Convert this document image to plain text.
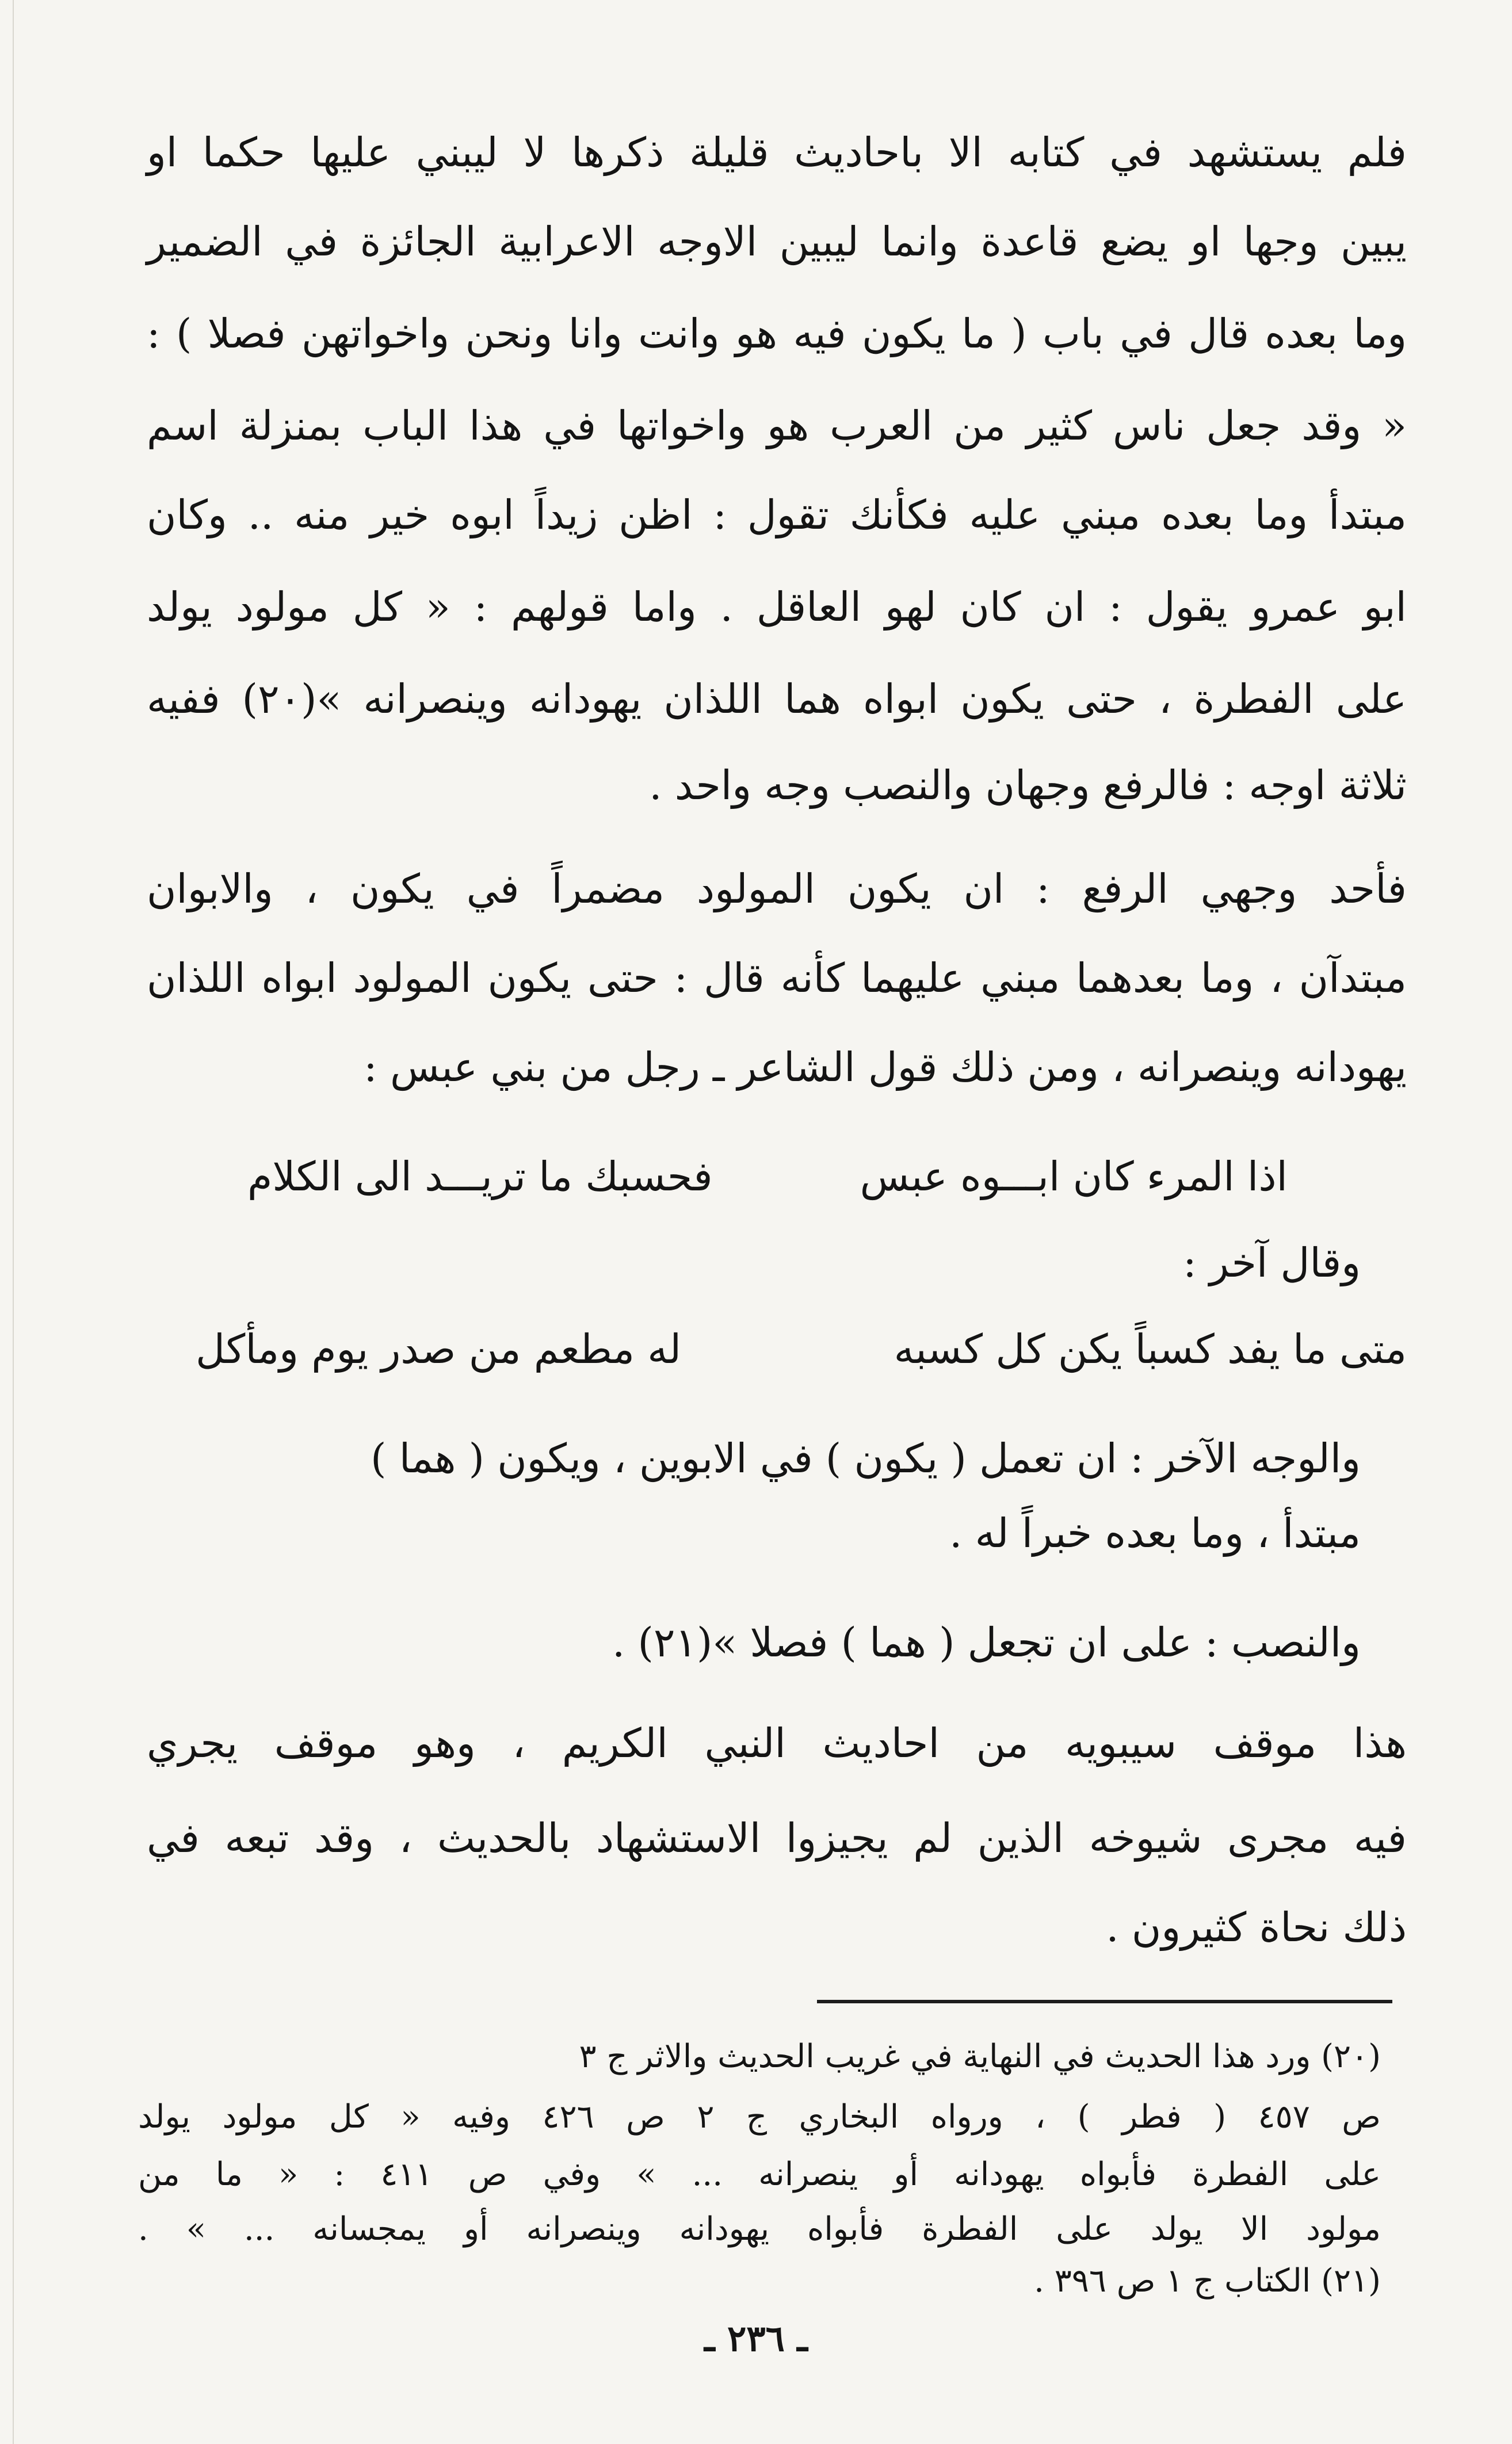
فلم يستشهد في كتابه الا باحاديث قليلة ذكرها لا ليبني عليها حكما او

يبين وجها او يضع قاعدة وانما ليبين الاوجه الاعرابية الجائزة في الضمير

وما بعده قال في باب ( ما يكون فيه هو وانت وانا ونحن واخواتهن فصلا ) :

« وقد جعل ناس كثير من العرب هو واخواتها في هذا الباب بمنزلة اسم

مبتدأ وما بعده مبني عليه فكأنك تقول : اظن زيداً ابوه خير منه .. وكان

ابو عمرو يقول : ان كان لهو العاقل . واما قولهم : « كل مولود يولد

على الفطرة ، حتى يكون ابواه هما اللذان يهودانه وينصرانه »(٢٠) ففيه

ثلاثة اوجه : فالرفع وجهان والنصب وجه واحد .

فأحد وجهي الرفع : ان يكون المولود مضمراً في يكون ، والابوان

مبتدآن ، وما بعدهما مبني عليهما كأنه قال : حتى يكون المولود ابواه اللذان

يهودانه وينصرانه ، ومن ذلك قول الشاعر ـ رجل من بني عبس :

اذا المرء كان ابـــوه عبس
فحسبك ما تريـــد الى الكلام
وقال آخر :
متى ما يفد كسباً يكن كل كسبه
له مطعم من صدر يوم ومأكل

والوجه الآخر : ان تعمل ( يكون ) في الابوين ، ويكون ( هما )

مبتدأ ، وما بعده خبراً له .

والنصب : على ان تجعل ( هما ) فصلا »(٢١) .

هذا موقف سيبويه من احاديث النبي الكريم ، وهو موقف يجري

فيه مجرى شيوخه الذين لم يجيزوا الاستشهاد بالحديث ، وقد تبعه في

ذلك نحاة كثيرون .

(٢٠) ورد هذا الحديث في النهاية في غريب الحديث والاثر ج ٣

ص ٤٥٧ ( فطر ) ، ورواه البخاري ج ٢ ص ٤٢٦ وفيه « كل مولود يولد

على الفطرة فأبواه يهودانه أو ينصرانه ... » وفي ص ٤١١ : « ما من

مولود الا يولد على الفطرة فأبواه يهودانه وينصرانه أو يمجسانه ... » .

(٢١) الكتاب ج ١ ص ٣٩٦ .

ـ ٢٣٦ ـ
